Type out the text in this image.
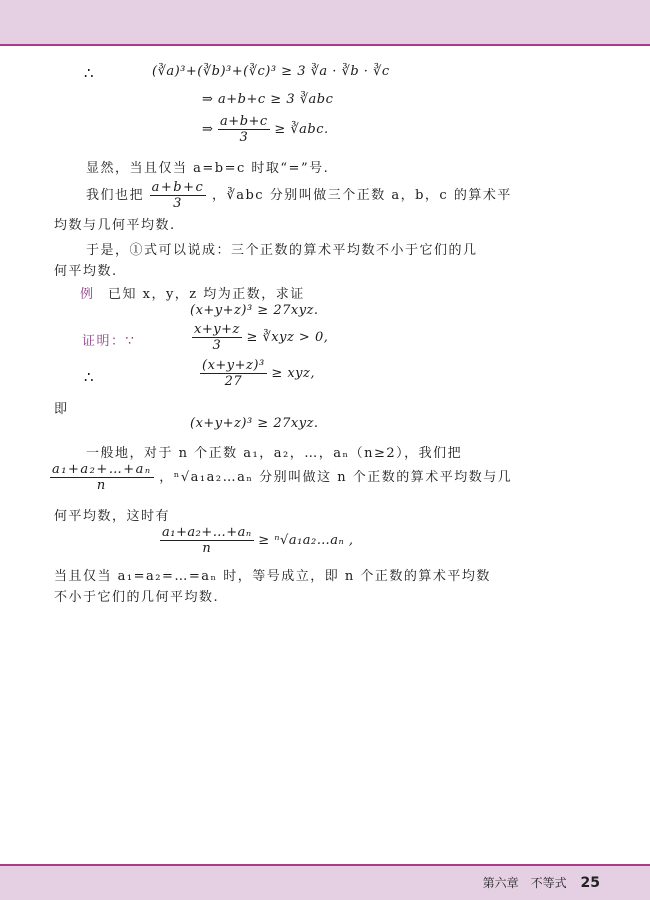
∴	(∛a)³+(∛b)³+(∛c)³ ≥ 3 ∛a · ∛b · ∛c
⇒ a+b+c ≥ 3 ∛abc
⇒ $\frac{a+b+c}{3}$ ≥ ∛abc.
显然，当且仅当 a=b=c 时取“=”号.
我们也把 $\frac{a+b+c}{3}$ ，∛abc 分别叫做三个正数 a，b，c 的算术平
均数与几何平均数.
于是，①式可以说成：三个正数的算术平均数不小于它们的几
何平均数.
例 已知 x，y，z 均为正数，求证
(x+y+z)³ ≥ 27xyz.
证明：∵	$\frac{x+y+z}{3}$ ≥ ∛xyz > 0,
∴	$\frac{\text{(x+y+z)³}}{27}$ ≥ xyz,
即
(x+y+z)³ ≥ 27xyz.
一般地，对于 n 个正数 a₁，a₂，…，aₙ（n≥2），我们把
$\frac{\text{a₁+a₂+…+aₙ}}{n}$ ，ⁿ√a₁a₂…aₙ 分别叫做这 n 个正数的算术平均数与几
何平均数，这时有
$\frac{\text{a₁+a₂+…+aₙ}}{n}$ ≥ ⁿ√a₁a₂…aₙ ,
当且仅当 a₁=a₂=…=aₙ 时，等号成立，即 n 个正数的算术平均数
不小于它们的几何平均数.
第六章　不等式 25
